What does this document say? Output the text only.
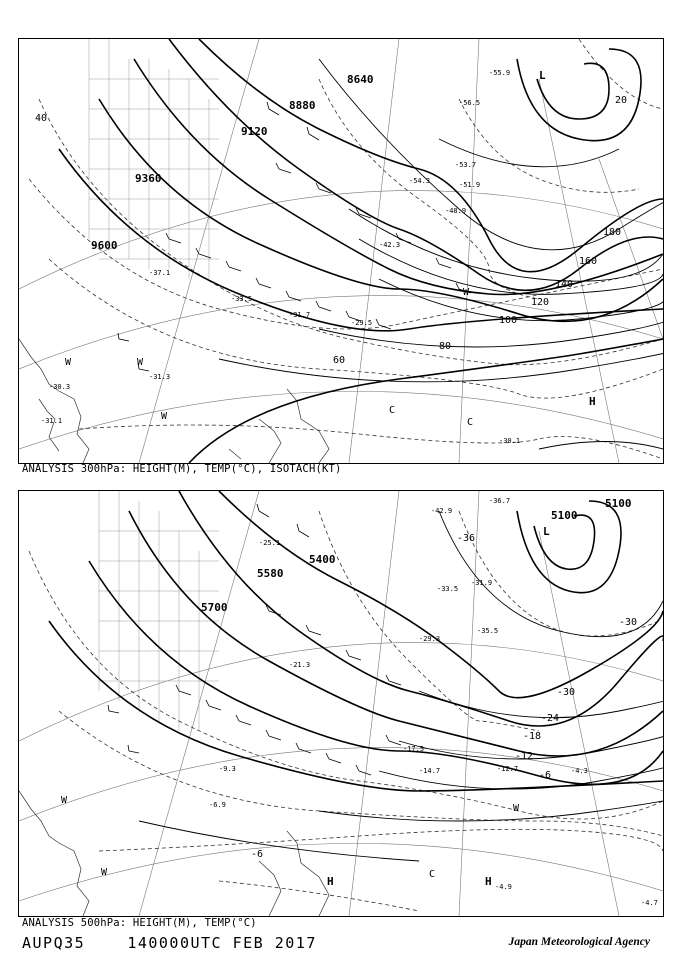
8640
8880
9120
9360
9600
20
40
60
80
100
120
140
160
180
-55.9
-56.5
-54.3
-53.7
-51.9
-48.9
-42.3
-37.1
-33.5
-31.7
-29.5
-30.1
-31.3
-30.3
-31.1
L
W	W
W
W
C
C
H
ANALYSIS 300hPa: HEIGHT(M), TEMP(°C), ISOTACH(KT)
5100
5100
5400
5580
5700
-36
-30
-30
-24
-18
-12
-6
-6
-42.9
-36.7
-33.5
-31.9
-35.5
-29.3
-25.1
-21.3
-17.5
-14.7	-12.7
-9.3
-6.9
-4.9
-4.7
-4.3
L
W
W
W
H
C
H
ANALYSIS 500hPa: HEIGHT(M), TEMP(°C)
AUPQ35	140000UTC FEB 2017	Japan Meteorological Agency
